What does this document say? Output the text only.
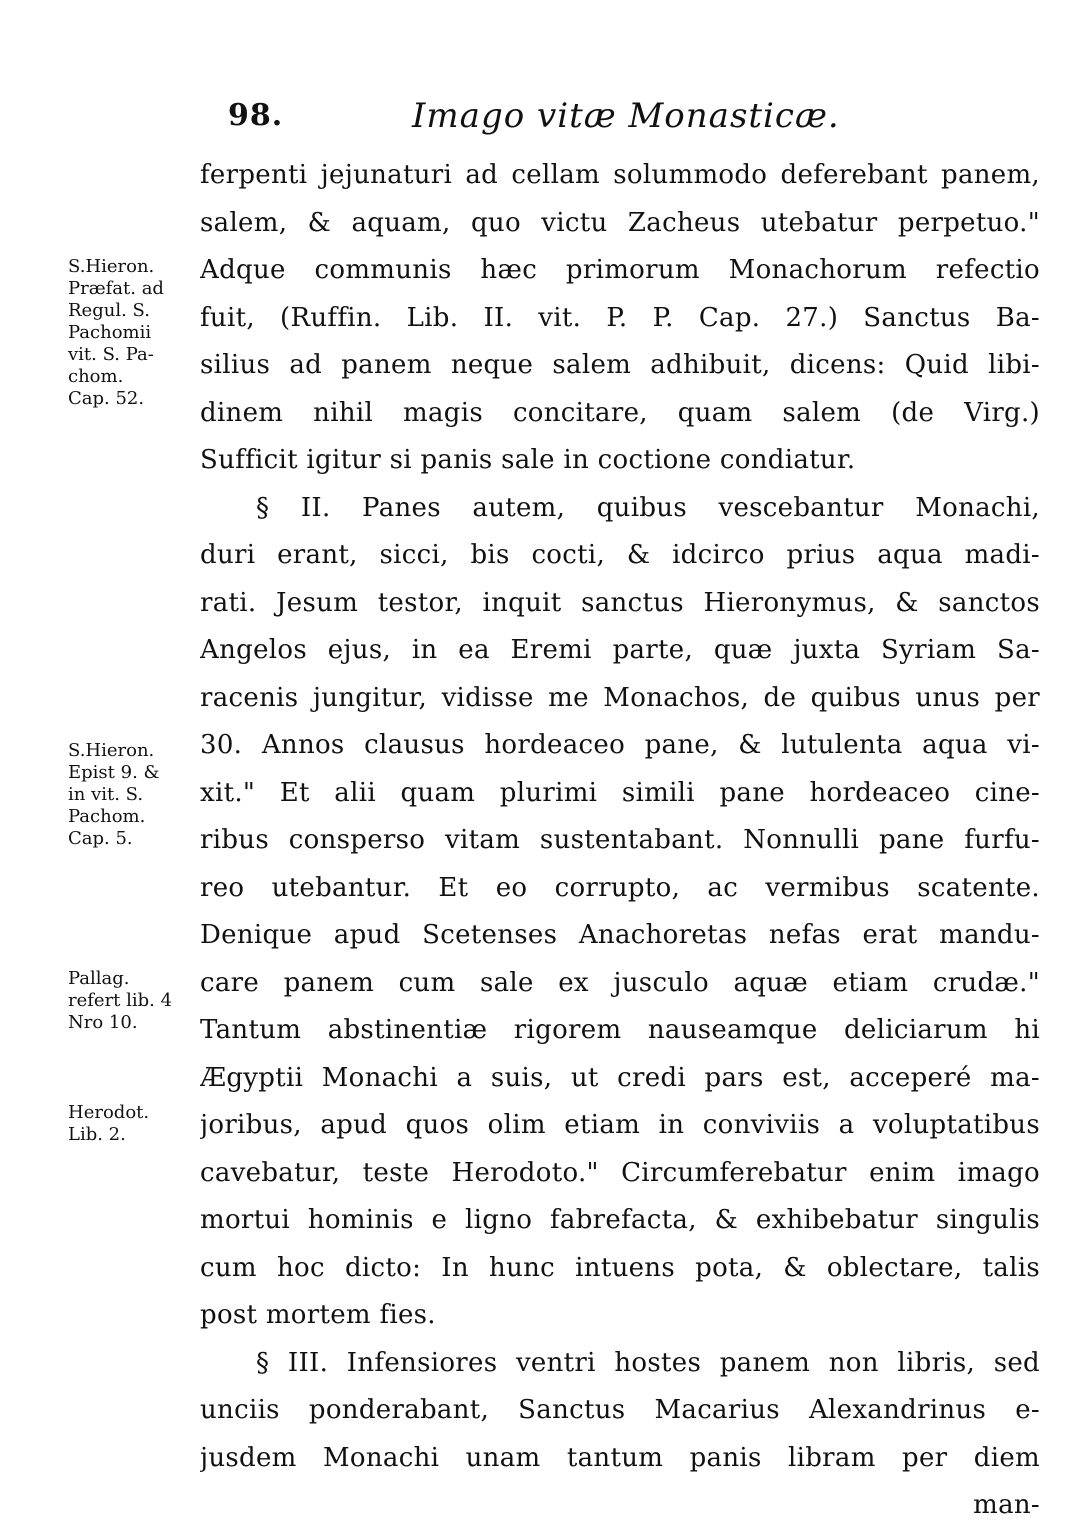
98.	Imago vitæ Monasticæ.
S.Hieron.
Præfat. ad
Regul. S.
Pachomii
vit. S. Pa-
chom.
Cap. 52.
S.Hieron.
Epist 9. &
in vit. S.
Pachom.
Cap. 5.
Pallag.
refert lib. 4
Nro 10.
Herodot.
Lib. 2.
ferpenti jejunaturi ad cellam solummodo deferebant panem,
salem, & aquam, quo victu Zacheus utebatur perpetuo."
Adque communis hæc primorum Monachorum refectio
fuit, (Ruffin. Lib. II. vit. P. P. Cap. 27.) Sanctus Ba-
silius ad panem neque salem adhibuit, dicens: Quid libi-
dinem nihil magis concitare, quam salem (de Virg.)
Sufficit igitur si panis sale in coctione condiatur.
§ II. Panes autem, quibus vescebantur Monachi,
duri erant, sicci, bis cocti, & idcirco prius aqua madi-
rati. Jesum testor, inquit sanctus Hieronymus, & sanctos
Angelos ejus, in ea Eremi parte, quæ juxta Syriam Sa-
racenis jungitur, vidisse me Monachos, de quibus unus per
30. Annos clausus hordeaceo pane, & lutulenta aqua vi-
xit." Et alii quam plurimi simili pane hordeaceo cine-
ribus consperso vitam sustentabant. Nonnulli pane furfu-
reo utebantur. Et eo corrupto, ac vermibus scatente.
Denique apud Scetenses Anachoretas nefas erat mandu-
care panem cum sale ex jusculo aquæ etiam crudæ."
Tantum abstinentiæ rigorem nauseamque deliciarum hi
Ægyptii Monachi a suis, ut credi pars est, acceperé ma-
joribus, apud quos olim etiam in conviviis a voluptatibus
cavebatur, teste Herodoto." Circumferebatur enim imago
mortui hominis e ligno fabrefacta, & exhibebatur singulis
cum hoc dicto: In hunc intuens pota, & oblectare, talis
post mortem fies.
§ III. Infensiores ventri hostes panem non libris, sed
unciis ponderabant, Sanctus Macarius Alexandrinus e-
jusdem Monachi unam tantum panis libram per diem
man-
